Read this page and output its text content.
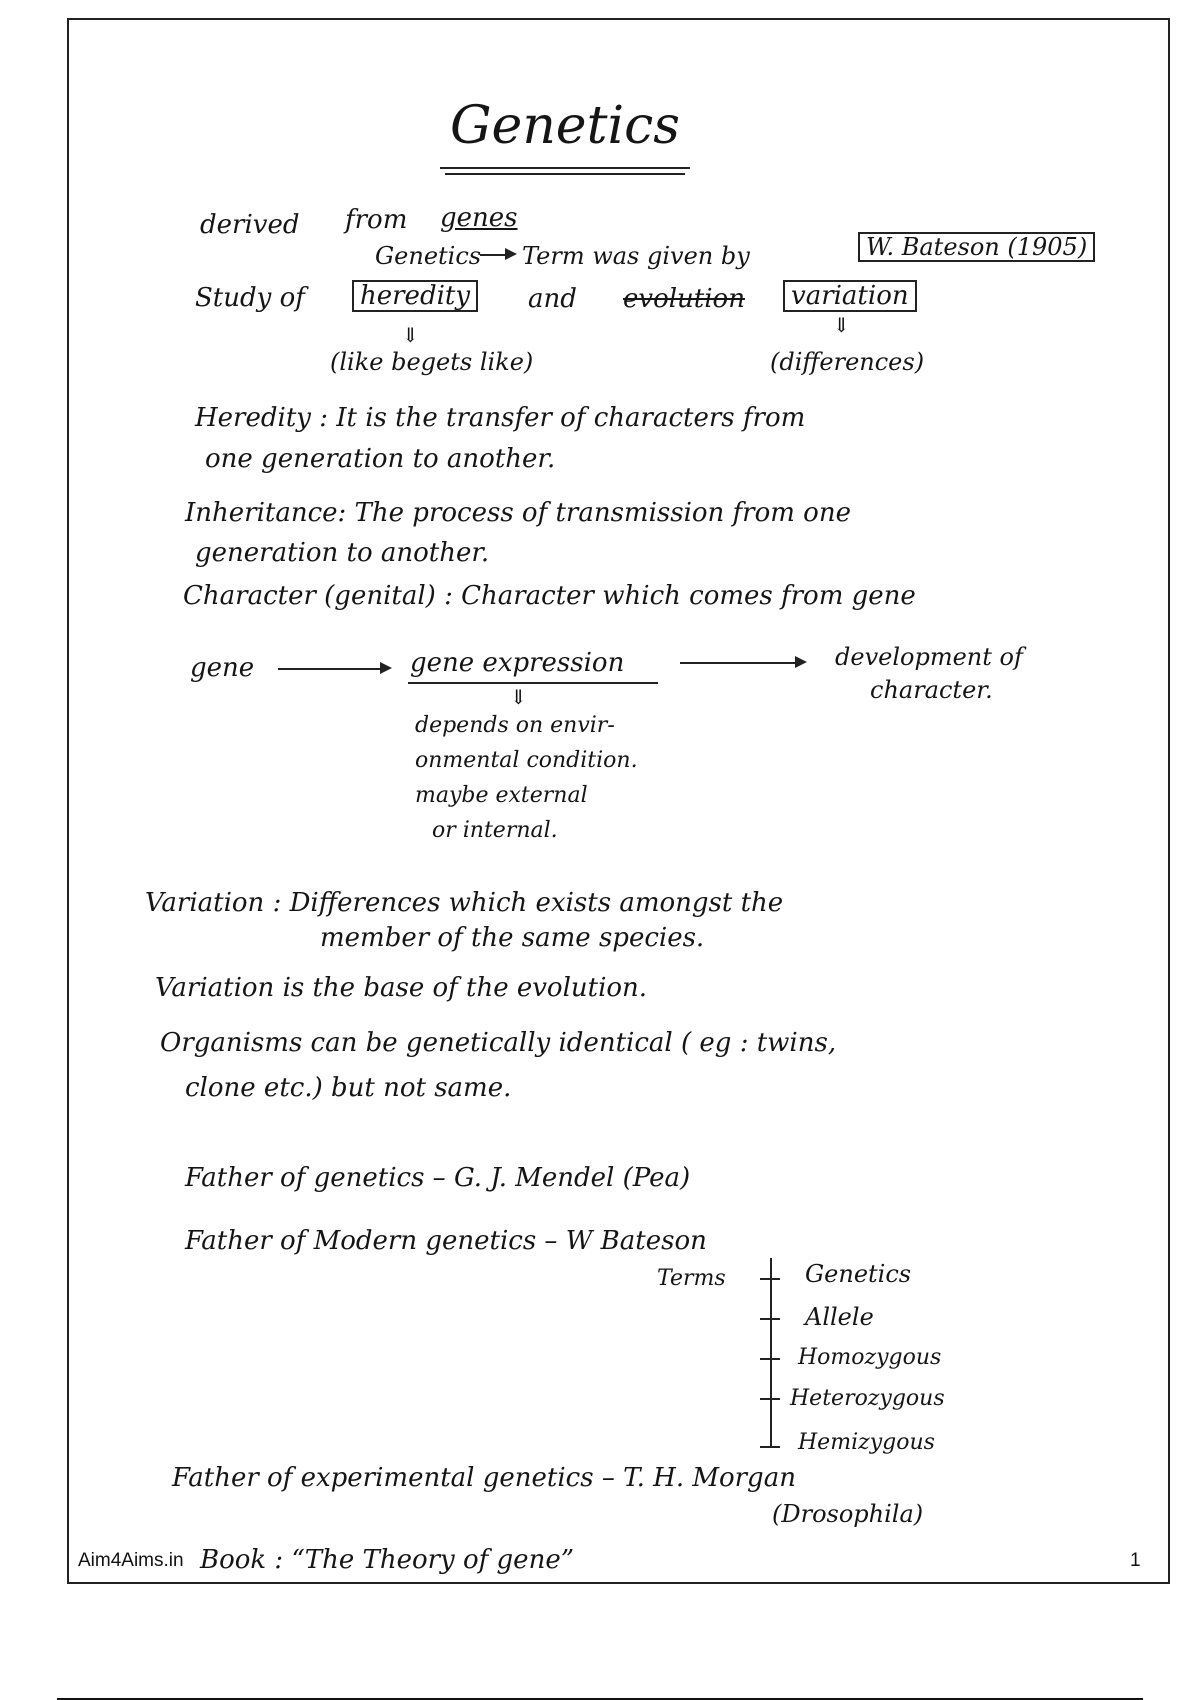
Genetics
derived from genes
Genetics Term was given by	W. Bateson (1905)
Study of	heredity	and evolution	variation
⇓	⇓
(like begets like)	(differences)
Heredity : It is the transfer of characters from
one generation to another.
Inheritance: The process of transmission from one
generation to another.
Character (genital) : Character which comes from gene
gene	gene expression	development of
character.
⇓
depends on envir-
onmental condition.
maybe external
or internal.
Variation : Differences which exists amongst the
member of the same species.
Variation is the base of the evolution.
Organisms can be genetically identical ( eg : twins,
clone etc.) but not same.
Father of genetics – G. J. Mendel (Pea)
Father of Modern genetics – W Bateson
Terms	Genetics
Allele
Homozygous
Heterozygous
Hemizygous
Father of experimental genetics – T. H. Morgan
(Drosophila)
Aim4Aims.in Book : “The Theory of gene”	1
